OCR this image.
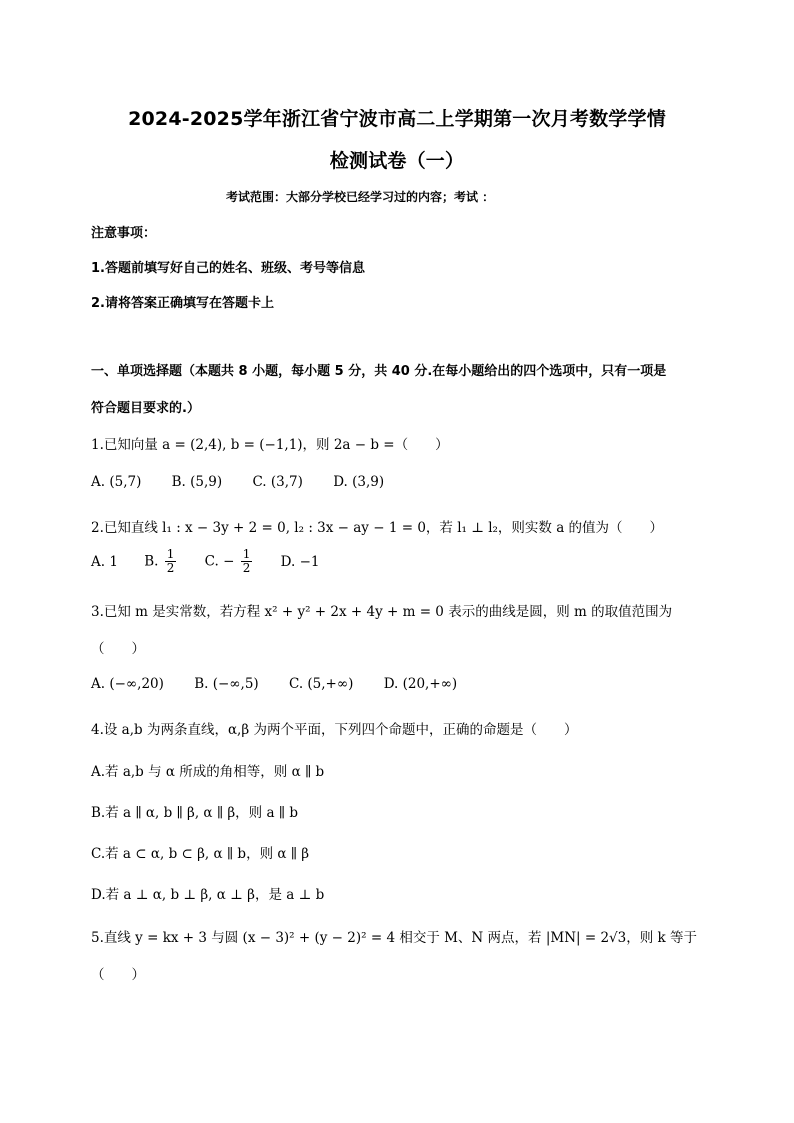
2024-2025学年浙江省宁波市高二上学期第一次月考数学学情
检测试卷（一）
考试范围：大部分学校已经学习过的内容；考试 ：
注意事项：
1.答题前填写好自己的姓名、班级、考号等信息
2.请将答案正确填写在答题卡上
一、单项选择题（本题共 8 小题，每小题 5 分，共 40 分.在每小题给出的四个选项中，只有一项是
符合题目要求的.）
1.已知向量 a = (2,4), b = (−1,1)，则 2a − b =（　　）
A. (5,7) B. (5,9) C. (3,7) D. (3,9)
2.已知直线 l₁ : x − 3y + 2 = 0, l₂ : 3x − ay − 1 = 0，若 l₁ ⊥ l₂，则实数 a 的值为（　　）
A. 1 B. $\frac{1}{2} C$. − $\frac{1}{2} D$. −1
3.已知 m 是实常数，若方程 x² + y² + 2x + 4y + m = 0 表示的曲线是圆，则 m 的取值范围为
（　　）
A. (−∞,20) B. (−∞,5) C. (5,+∞) D. (20,+∞)
4.设 a,b 为两条直线，α,β 为两个平面，下列四个命题中，正确的命题是（　　）
A.若 a,b 与 α 所成的角相等，则 α ∥ b
B.若 a ∥ α, b ∥ β, α ∥ β，则 a ∥ b
C.若 a ⊂ α, b ⊂ β, α ∥ b，则 α ∥ β
D.若 a ⊥ α, b ⊥ β, α ⊥ β，是 a ⊥ b
5.直线 y = kx + 3 与圆 (x − 3)² + (y − 2)² = 4 相交于 M、N 两点，若 |MN| = 2√3，则 k 等于
（　　）
